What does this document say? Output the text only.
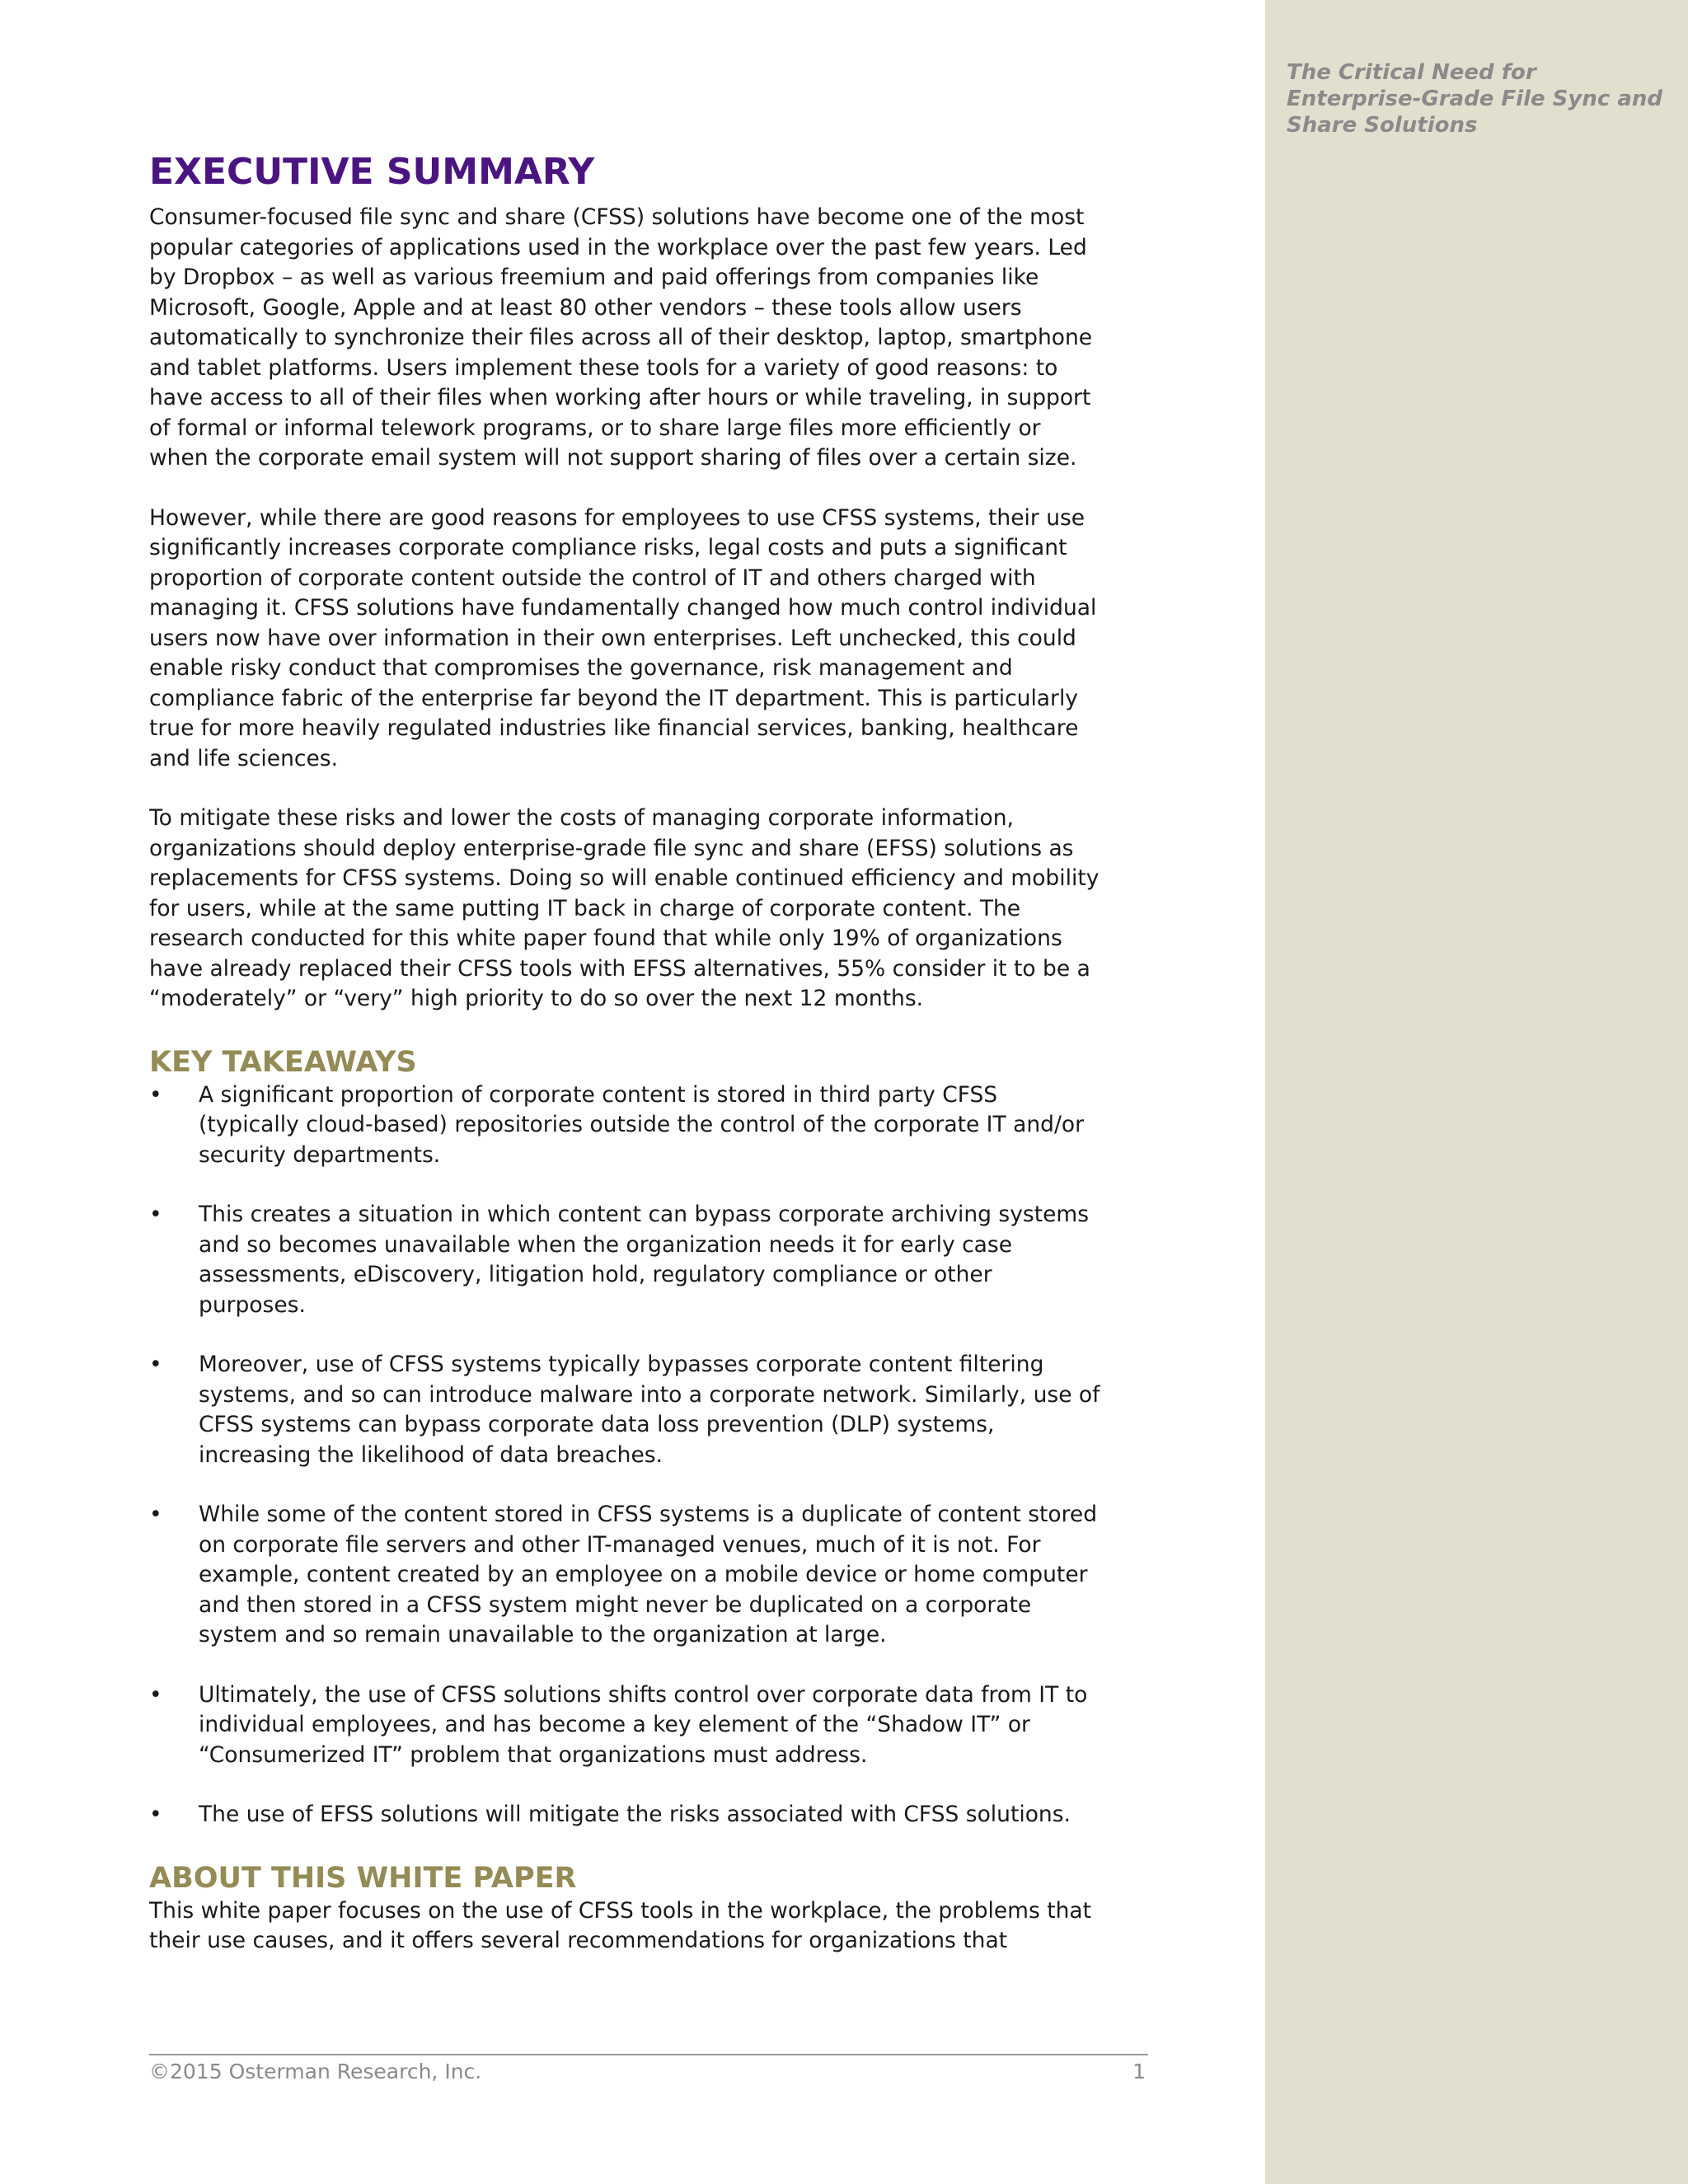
The Critical Need for Enterprise-Grade File Sync and Share Solutions

EXECUTIVE SUMMARY

Consumer-focused file sync and share (CFSS) solutions have become one of the most popular categories of applications used in the workplace over the past few years. Led by Dropbox – as well as various freemium and paid offerings from companies like Microsoft, Google, Apple and at least 80 other vendors – these tools allow users automatically to synchronize their files across all of their desktop, laptop, smartphone and tablet platforms. Users implement these tools for a variety of good reasons: to have access to all of their files when working after hours or while traveling, in support of formal or informal telework programs, or to share large files more efficiently or when the corporate email system will not support sharing of files over a certain size.

However, while there are good reasons for employees to use CFSS systems, their use significantly increases corporate compliance risks, legal costs and puts a significant proportion of corporate content outside the control of IT and others charged with managing it. CFSS solutions have fundamentally changed how much control individual users now have over information in their own enterprises. Left unchecked, this could enable risky conduct that compromises the governance, risk management and compliance fabric of the enterprise far beyond the IT department. This is particularly true for more heavily regulated industries like financial services, banking, healthcare and life sciences.

To mitigate these risks and lower the costs of managing corporate information, organizations should deploy enterprise-grade file sync and share (EFSS) solutions as replacements for CFSS systems. Doing so will enable continued efficiency and mobility for users, while at the same putting IT back in charge of corporate content. The research conducted for this white paper found that while only 19% of organizations have already replaced their CFSS tools with EFSS alternatives, 55% consider it to be a “moderately” or “very” high priority to do so over the next 12 months.

KEY TAKEAWAYS
• A significant proportion of corporate content is stored in third party CFSS (typically cloud-based) repositories outside the control of the corporate IT and/or security departments.
• This creates a situation in which content can bypass corporate archiving systems and so becomes unavailable when the organization needs it for early case assessments, eDiscovery, litigation hold, regulatory compliance or other purposes.
• Moreover, use of CFSS systems typically bypasses corporate content filtering systems, and so can introduce malware into a corporate network. Similarly, use of CFSS systems can bypass corporate data loss prevention (DLP) systems, increasing the likelihood of data breaches.
• While some of the content stored in CFSS systems is a duplicate of content stored on corporate file servers and other IT-managed venues, much of it is not. For example, content created by an employee on a mobile device or home computer and then stored in a CFSS system might never be duplicated on a corporate system and so remain unavailable to the organization at large.
• Ultimately, the use of CFSS solutions shifts control over corporate data from IT to individual employees, and has become a key element of the “Shadow IT” or “Consumerized IT” problem that organizations must address.
• The use of EFSS solutions will mitigate the risks associated with CFSS solutions.
ABOUT THIS WHITE PAPER

This white paper focuses on the use of CFSS tools in the workplace, the problems that their use causes, and it offers several recommendations for organizations that

©2015 Osterman Research, Inc.	1
